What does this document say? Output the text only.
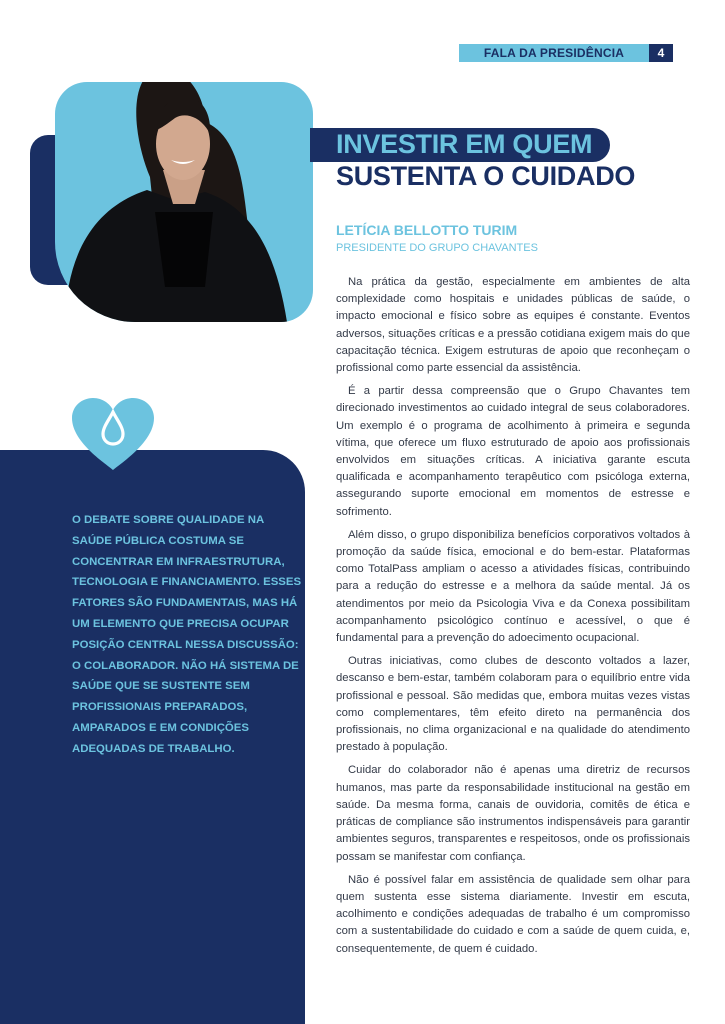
FALA DA PRESIDÊNCIA	4
INVESTIR EM QUEM
SUSTENTA O CUIDADO
LETÍCIA BELLOTTO TURIM
PRESIDENTE DO GRUPO CHAVANTES

Na prática da gestão, especialmente em ambientes de alta complexidade como hospitais e unidades públicas de saúde, o impacto emocional e físico sobre as equipes é constante. Eventos adversos, situações críticas e a pressão cotidiana exigem mais do que capacitação técnica. Exigem estruturas de apoio que reconheçam o profissional como parte essencial da assistência.

É a partir dessa compreensão que o Grupo Chavantes tem direcionado investimentos ao cuidado integral de seus colaboradores. Um exemplo é o programa de acolhimento à primeira e segunda vítima, que oferece um fluxo estruturado de apoio aos profissionais envolvidos em situações críticas. A iniciativa garante escuta qualificada e acompanhamento terapêutico com psicóloga externa, assegurando suporte emocional em momentos de estresse e sofrimento.

Além disso, o grupo disponibiliza benefícios corporativos voltados à promoção da saúde física, emocional e do bem-estar. Plataformas como TotalPass ampliam o acesso a atividades físicas, contribuindo para a redução do estresse e a melhora da saúde mental. Já os atendimentos por meio da Psicologia Viva e da Conexa possibilitam acompanhamento psicológico contínuo e acessível, o que é fundamental para a prevenção do adoecimento ocupacional.

Outras iniciativas, como clubes de desconto voltados a lazer, descanso e bem-estar, também colaboram para o equilíbrio entre vida profissional e pessoal. São medidas que, embora muitas vezes vistas como complementares, têm efeito direto na permanência dos profissionais, no clima organizacional e na qualidade do atendimento prestado à população.

Cuidar do colaborador não é apenas uma diretriz de recursos humanos, mas parte da responsabilidade institucional na gestão em saúde. Da mesma forma, canais de ouvidoria, comitês de ética e práticas de compliance são instrumentos indispensáveis para garantir ambientes seguros, transparentes e respeitosos, onde os profissionais possam se manifestar com confiança.

Não é possível falar em assistência de qualidade sem olhar para quem sustenta esse sistema diariamente. Investir em escuta, acolhimento e condições adequadas de trabalho é um compromisso com a sustentabilidade do cuidado e com a saúde de quem cuida, e, consequentemente, de quem é cuidado.

O DEBATE SOBRE QUALIDADE NA SAÚDE PÚBLICA COSTUMA SE CONCENTRAR EM INFRAESTRUTURA, TECNOLOGIA E FINANCIAMENTO. ESSES FATORES SÃO FUNDAMENTAIS, MAS HÁ UM ELEMENTO QUE PRECISA OCUPAR POSIÇÃO CENTRAL NESSA DISCUSSÃO: O COLABORADOR. NÃO HÁ SISTEMA DE SAÚDE QUE SE SUSTENTE SEM PROFISSIONAIS PREPARADOS, AMPARADOS E EM CONDIÇÕES ADEQUADAS DE TRABALHO.
